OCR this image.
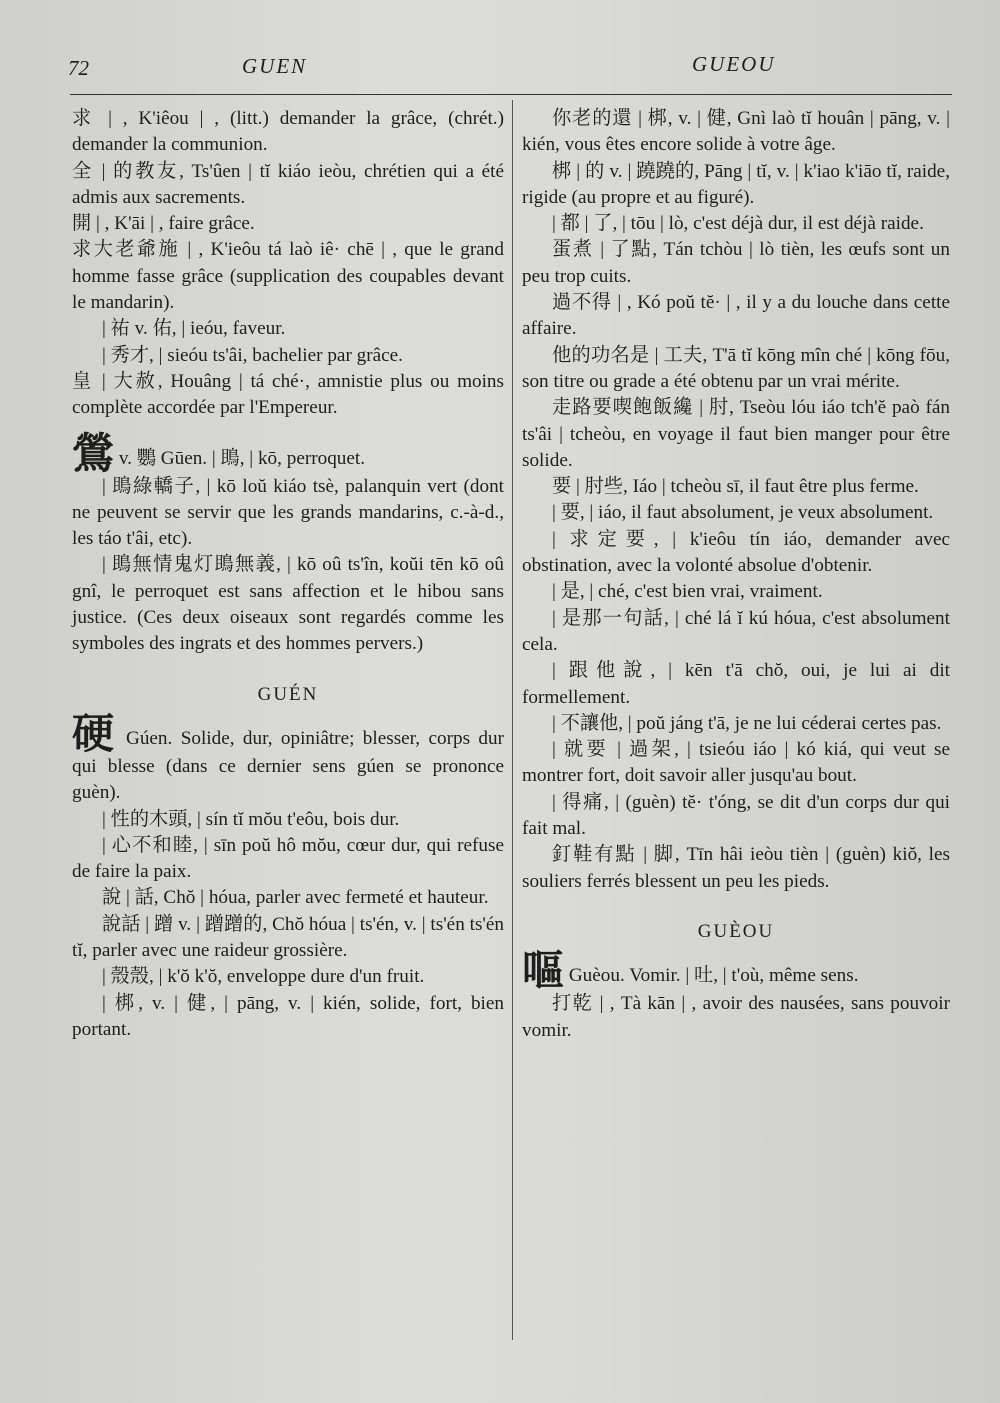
72	GUEN	GUEOU

求 | , K'iêou | , (litt.) demander la grâce, (chrét.) demander la communion.

全 | 的教友, Ts'ûen | tĭ kiáo ieòu, chrétien qui a été admis aux sacrements.

開 | , K'āi | , faire grâce.

求大老爺施 | , K'ieôu tá laò iê· chē | , que le grand homme fasse grâce (supplication des coupables devant le mandarin).

| 祐 v. 佑, | ieóu, faveur.

| 秀才, | sieóu ts'âi, bachelier par grâce.

皇 | 大赦, Houâng | tá ché·, amnistie plus ou moins complète accordée par l'Empereur.

鶯 v. 鸚 Gūen. | 鴡, | kō, perroquet.

| 鴡綠轎子, | kō loŭ kiáo tsè, palanquin vert (dont ne peuvent se servir que les grands mandarins, c.-à-d., les táo t'âi, etc).

| 鴡無情鬼灯鴡無義, | kō oû ts'în, koŭi tēn kō oû gnî, le perroquet est sans affection et le hibou sans justice. (Ces deux oiseaux sont regardés comme les symboles des ingrats et des hommes pervers.)

GUÉN

硬 Gúen. Solide, dur, opiniâtre; blesser, corps dur qui blesse (dans ce dernier sens gúen se prononce guèn).

| 性的木頭, | sín tĭ mŏu t'eôu, bois dur.

| 心不和睦, | sīn poŭ hô mŏu, cœur dur, qui refuse de faire la paix.

說 | 話, Chŏ | hóua, parler avec fermeté et hauteur.

說話 | 蹭 v. | 蹭蹭的, Chŏ hóua | ts'én, v. | ts'én ts'én tĭ, parler avec une raideur grossière.

| 殼殼, | k'ŏ k'ŏ, enveloppe dure d'un fruit.

| 梆, v. | 健, | pāng, v. | kién, solide, fort, bien portant.

你老的還 | 梆, v. | 健, Gnì laò tĭ houân | pāng, v. | kién, vous êtes encore solide à votre âge.

梆 | 的 v. | 蹺蹺的, Pāng | tĭ, v. | k'iao k'iāo tĭ, raide, rigide (au propre et au figuré).

| 都 | 了, | tōu | lò, c'est déjà dur, il est déjà raide.

蛋煮 | 了點, Tán tchòu | lò tièn, les œufs sont un peu trop cuits.

過不得 | , Kó poŭ tĕ· | , il y a du louche dans cette affaire.

他的功名是 | 工夫, T'ā tĭ kōng mîn ché | kōng fōu, son titre ou grade a été obtenu par un vrai mérite.

走路要喫飽飯纔 | 肘, Tseòu lóu iáo tch'ĕ paò fán ts'âi | tcheòu, en voyage il faut bien manger pour être solide.

要 | 肘些, Iáo | tcheòu sī, il faut être plus ferme.

| 要, | iáo, il faut absolument, je veux absolument.

| 求定要, | k'ieôu tín iáo, demander avec obstination, avec la volonté absolue d'obtenir.

| 是, | ché, c'est bien vrai, vraiment.

| 是那一句話, | ché lá ĭ kú hóua, c'est absolument cela.

| 跟他說, | kēn t'ā chŏ, oui, je lui ai dit formellement.

| 不讓他, | poŭ jáng t'ā, je ne lui céderai certes pas.

| 就要 | 過架, | tsieóu iáo | kó kiá, qui veut se montrer fort, doit savoir aller jusqu'au bout.

| 得痛, | (guèn) tĕ· t'óng, se dit d'un corps dur qui fait mal.

釘鞋有點 | 脚, Tīn hâi ieòu tièn | (guèn) kiŏ, les souliers ferrés blessent un peu les pieds.

GUÈOU

嘔 Guèou. Vomir. | 吐, | t'où, même sens.

打乾 | , Tà kān | , avoir des nausées, sans pouvoir vomir.
